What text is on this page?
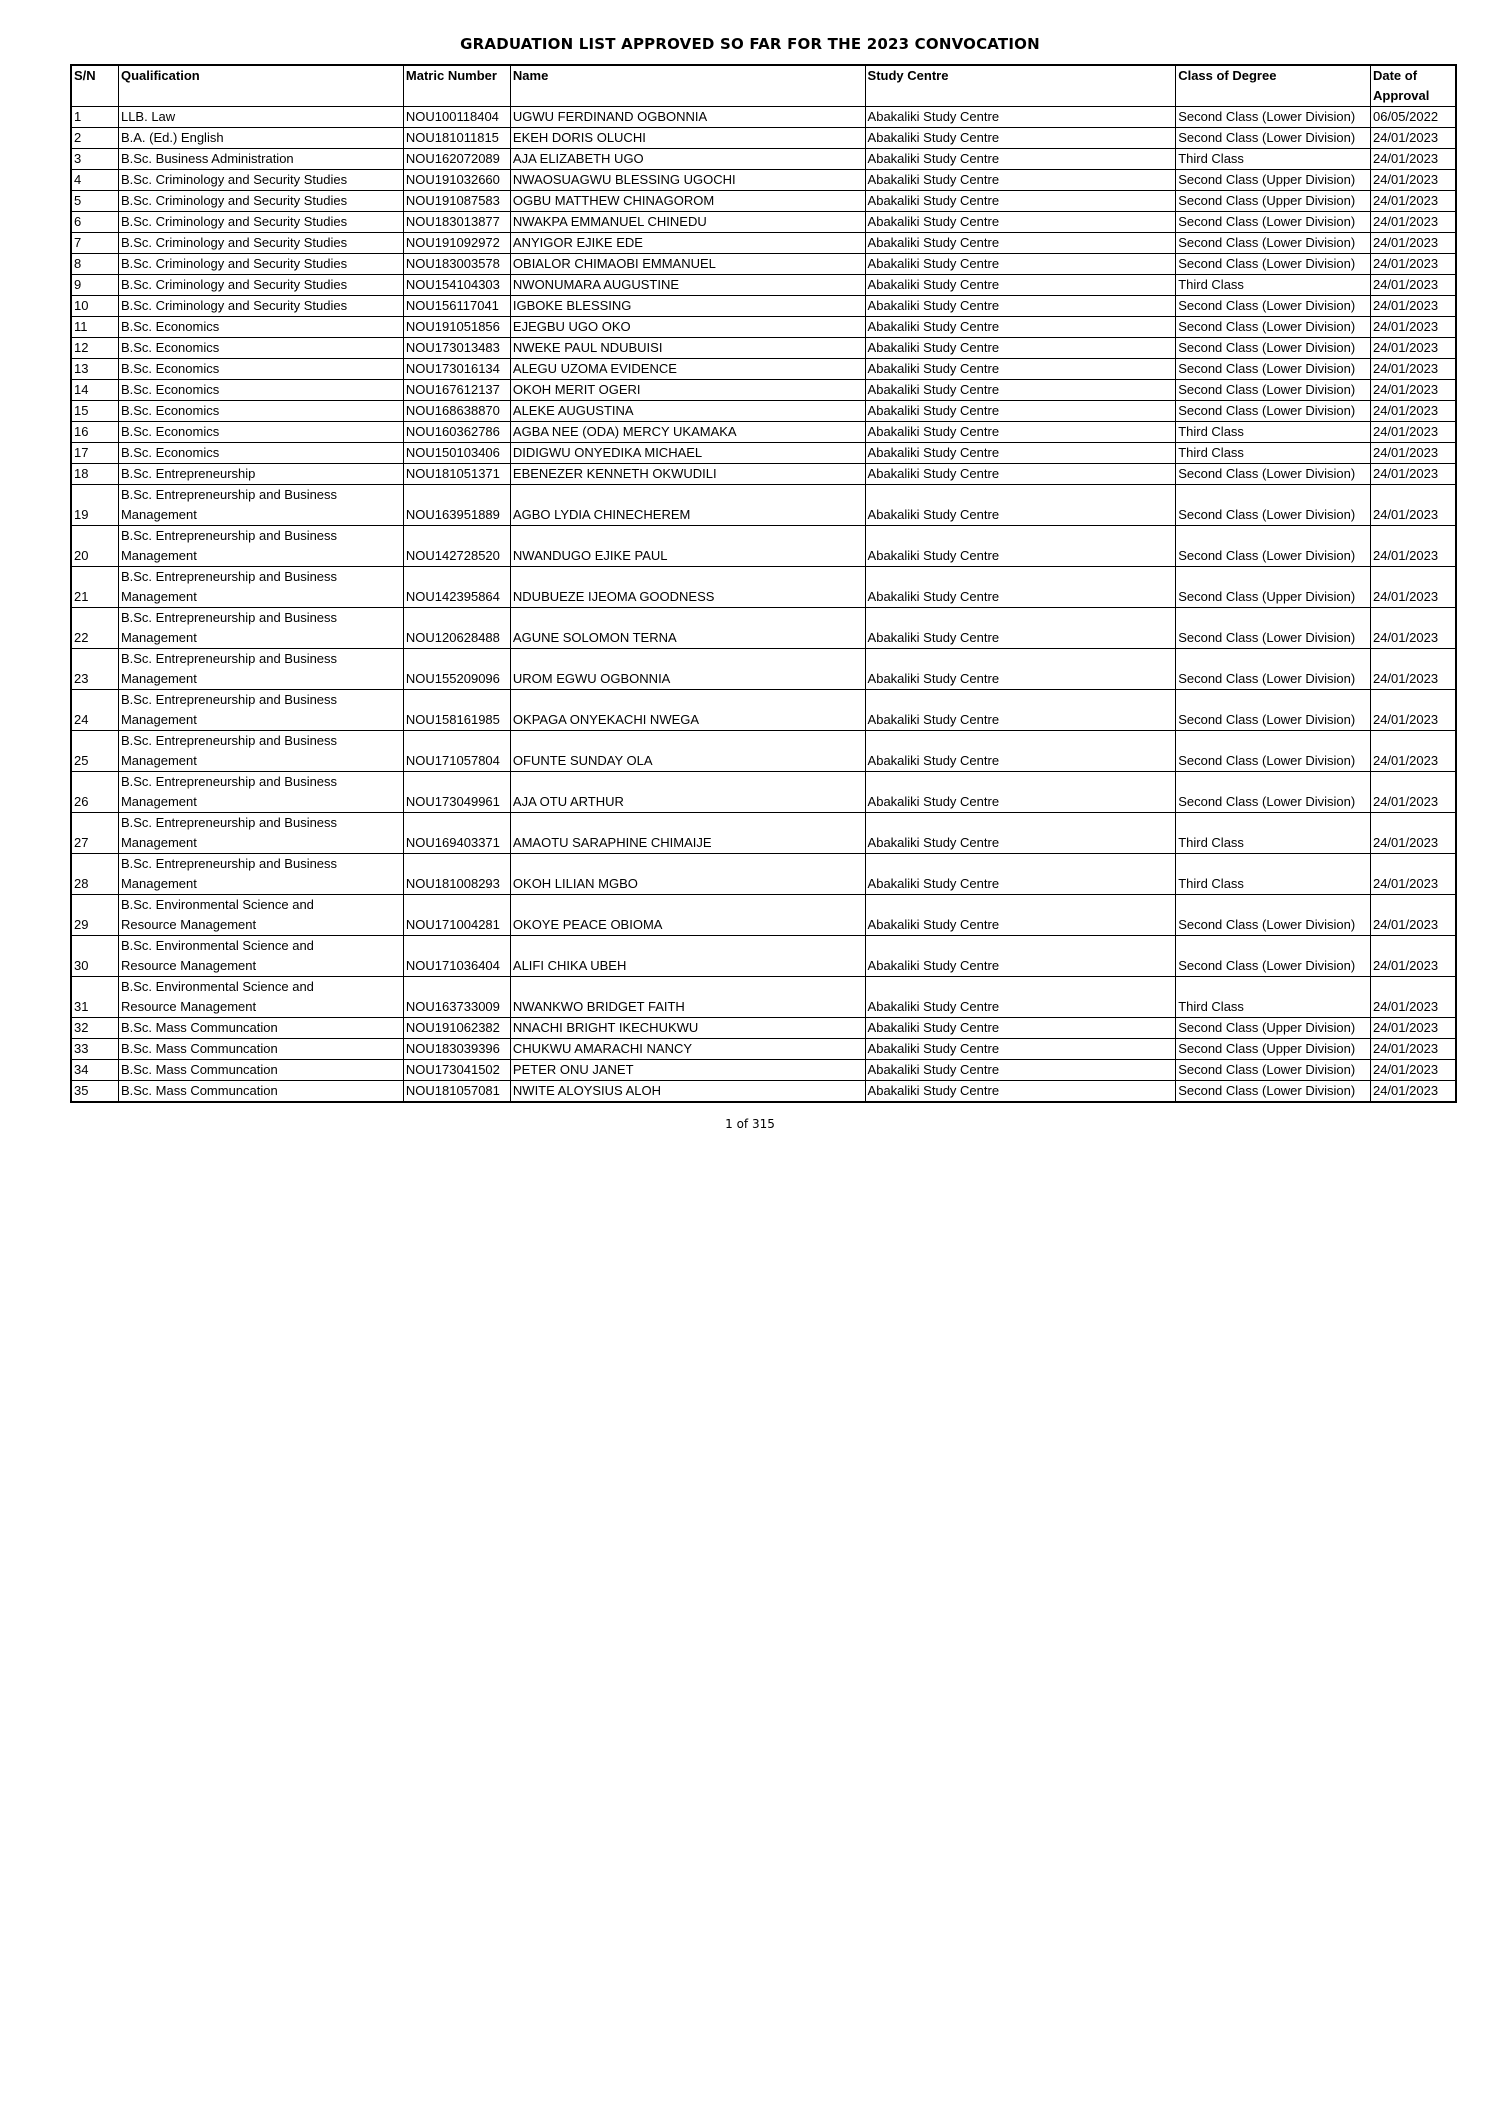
GRADUATION LIST APPROVED SO FAR FOR THE 2023 CONVOCATION
S/N	Qualification	Matric Number	Name	Study Centre	Class of Degree	Date of Approval
1	LLB. Law	NOU100118404	UGWU FERDINAND OGBONNIA	Abakaliki Study Centre	Second Class (Lower Division)	06/05/2022
2	B.A. (Ed.) English	NOU181011815	EKEH DORIS OLUCHI	Abakaliki Study Centre	Second Class (Lower Division)	24/01/2023
3	B.Sc. Business Administration	NOU162072089	AJA ELIZABETH UGO	Abakaliki Study Centre	Third Class	24/01/2023
4	B.Sc. Criminology and Security Studies	NOU191032660	NWAOSUAGWU BLESSING UGOCHI	Abakaliki Study Centre	Second Class (Upper Division)	24/01/2023
5	B.Sc. Criminology and Security Studies	NOU191087583	OGBU MATTHEW CHINAGOROM	Abakaliki Study Centre	Second Class (Upper Division)	24/01/2023
6	B.Sc. Criminology and Security Studies	NOU183013877	NWAKPA EMMANUEL CHINEDU	Abakaliki Study Centre	Second Class (Lower Division)	24/01/2023
7	B.Sc. Criminology and Security Studies	NOU191092972	ANYIGOR EJIKE EDE	Abakaliki Study Centre	Second Class (Lower Division)	24/01/2023
8	B.Sc. Criminology and Security Studies	NOU183003578	OBIALOR CHIMAOBI EMMANUEL	Abakaliki Study Centre	Second Class (Lower Division)	24/01/2023
9	B.Sc. Criminology and Security Studies	NOU154104303	NWONUMARA AUGUSTINE	Abakaliki Study Centre	Third Class	24/01/2023
10	B.Sc. Criminology and Security Studies	NOU156117041	IGBOKE BLESSING	Abakaliki Study Centre	Second Class (Lower Division)	24/01/2023
11	B.Sc. Economics	NOU191051856	EJEGBU UGO OKO	Abakaliki Study Centre	Second Class (Lower Division)	24/01/2023
12	B.Sc. Economics	NOU173013483	NWEKE PAUL NDUBUISI	Abakaliki Study Centre	Second Class (Lower Division)	24/01/2023
13	B.Sc. Economics	NOU173016134	ALEGU UZOMA EVIDENCE	Abakaliki Study Centre	Second Class (Lower Division)	24/01/2023
14	B.Sc. Economics	NOU167612137	OKOH MERIT OGERI	Abakaliki Study Centre	Second Class (Lower Division)	24/01/2023
15	B.Sc. Economics	NOU168638870	ALEKE AUGUSTINA	Abakaliki Study Centre	Second Class (Lower Division)	24/01/2023
16	B.Sc. Economics	NOU160362786	AGBA NEE (ODA) MERCY UKAMAKA	Abakaliki Study Centre	Third Class	24/01/2023
17	B.Sc. Economics	NOU150103406	DIDIGWU ONYEDIKA MICHAEL	Abakaliki Study Centre	Third Class	24/01/2023
18	B.Sc. Entrepreneurship	NOU181051371	EBENEZER KENNETH OKWUDILI	Abakaliki Study Centre	Second Class (Lower Division)	24/01/2023
19	B.Sc. Entrepreneurship and Business Management	NOU163951889	AGBO LYDIA CHINECHEREM	Abakaliki Study Centre	Second Class (Lower Division)	24/01/2023
20	B.Sc. Entrepreneurship and Business Management	NOU142728520	NWANDUGO EJIKE PAUL	Abakaliki Study Centre	Second Class (Lower Division)	24/01/2023
21	B.Sc. Entrepreneurship and Business Management	NOU142395864	NDUBUEZE IJEOMA GOODNESS	Abakaliki Study Centre	Second Class (Upper Division)	24/01/2023
22	B.Sc. Entrepreneurship and Business Management	NOU120628488	AGUNE SOLOMON TERNA	Abakaliki Study Centre	Second Class (Lower Division)	24/01/2023
23	B.Sc. Entrepreneurship and Business Management	NOU155209096	UROM EGWU OGBONNIA	Abakaliki Study Centre	Second Class (Lower Division)	24/01/2023
24	B.Sc. Entrepreneurship and Business Management	NOU158161985	OKPAGA ONYEKACHI NWEGA	Abakaliki Study Centre	Second Class (Lower Division)	24/01/2023
25	B.Sc. Entrepreneurship and Business Management	NOU171057804	OFUNTE SUNDAY OLA	Abakaliki Study Centre	Second Class (Lower Division)	24/01/2023
26	B.Sc. Entrepreneurship and Business Management	NOU173049961	AJA OTU ARTHUR	Abakaliki Study Centre	Second Class (Lower Division)	24/01/2023
27	B.Sc. Entrepreneurship and Business Management	NOU169403371	AMAOTU SARAPHINE CHIMAIJE	Abakaliki Study Centre	Third Class	24/01/2023
28	B.Sc. Entrepreneurship and Business Management	NOU181008293	OKOH LILIAN MGBO	Abakaliki Study Centre	Third Class	24/01/2023
29	B.Sc. Environmental Science and Resource Management	NOU171004281	OKOYE PEACE OBIOMA	Abakaliki Study Centre	Second Class (Lower Division)	24/01/2023
30	B.Sc. Environmental Science and Resource Management	NOU171036404	ALIFI CHIKA UBEH	Abakaliki Study Centre	Second Class (Lower Division)	24/01/2023
31	B.Sc. Environmental Science and Resource Management	NOU163733009	NWANKWO BRIDGET FAITH	Abakaliki Study Centre	Third Class	24/01/2023
32	B.Sc. Mass Communcation	NOU191062382	NNACHI BRIGHT IKECHUKWU	Abakaliki Study Centre	Second Class (Upper Division)	24/01/2023
33	B.Sc. Mass Communcation	NOU183039396	CHUKWU AMARACHI NANCY	Abakaliki Study Centre	Second Class (Upper Division)	24/01/2023
34	B.Sc. Mass Communcation	NOU173041502	PETER ONU JANET	Abakaliki Study Centre	Second Class (Lower Division)	24/01/2023
35	B.Sc. Mass Communcation	NOU181057081	NWITE ALOYSIUS ALOH	Abakaliki Study Centre	Second Class (Lower Division)	24/01/2023
1 of 315
